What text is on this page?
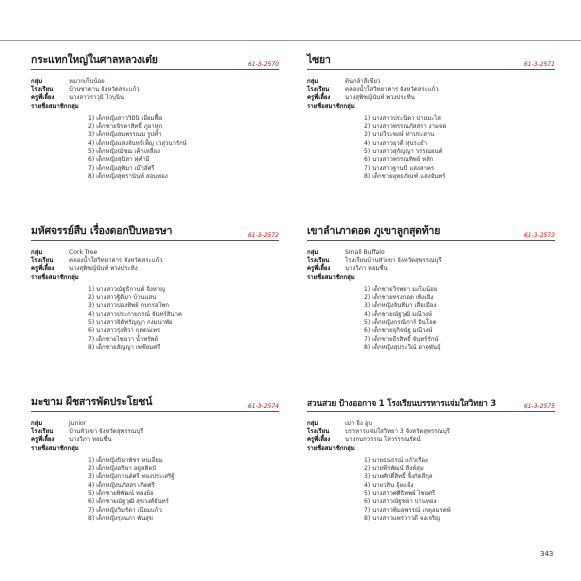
กระแทกใหญ่ในศาลหลวงเต๋ย	61-3-2570
กลุ่ม	หมากเก็บน้อย
โรงเรียน	บ้านซาดาน จังหวัดสระแก้ว
ครูพี่เลี้ยง	นางสาวราวุมิ ไวบุนิน
รายชื่อสมาชิกกลุ่ม
1) เด็กหญิงสาววิมินิ เอี่ยมฟื้อ
2) เด็กชายจิรตาสิทธิ์ ภูยาหุก
3) เด็กหญิงสมพรรณม รูปค้ำ
4) เด็กหญิงแสงจันทร์เพ็ญ เวสุวนารักษ์
5) เด็กหญิงณัชฌ เค้าเหลือง
6) เด็กหญิงสุนิสา ทุ่คำมี
7) เด็กหญิงสุพิมา เม๊าอัศรี
8) เด็กหญิงสุทรานันท์ สอนทอง
มหัศจรรย์สืบ เรื่องดอกปีบหอรษา	61-3-2572
กลุ่ม	Cork Tree
โรงเรียน	คลองน้ำใสวิทยาคาร จังหวัดสระแก้ว
ครูพี่เลี้ยง	นางสุพิชญ์นันท์ พวงประทิง
รายชื่อสมาชิกกลุ่ม
1) นางสาวณัฐธิกานต์ จิ่งหาญ
2) นางสาวฐิติมา บ้านแสน
3) นางสาวปองทิพย์ กบกรอไพก
4) นางสาวประกายกรณ์ จันทร์สินาค
5) นางสาวจิดัทรัญญา กงมนาพัย
6) นางสาวรุ่งทิวา กุลดนเทร
7) เด็กชายไชยวา น้ำทรัพย์
8) เด็กชายสัญญา เพชียมศรี
มะขาม ผืชสารพัดประโยชน์	61-3-2574
กลุ่ม	Junior
โรงเรียน	บ้านหัวเขา จังหวัดสุพรรณบุรี
ครูพี่เลี้ยง	นางวิภา หอมชื่น
รายชื่อสมาชิกกลุ่ม
1) เด็กหญิงปิยาพัชร หนเอี่ยม
2) เด็กหญิงอริษา อยู่สติดบั
3) เด็กหญิงกานต์ศรี ทองประเสริฐ์
4) เด็กหญิงนภัสสร เกิดศรี
5) เด็กชายพิพัฒน์ ทองย้อ
6) เด็กชายณัฐวุฒิ สุขวงศ์จันทร์
7) เด็กหญิงวิมรัตา เนียมแก้ว
8) เด็กหญิงรุ่งนภา พันสุข
ไซยา	61-3-2571
กลุ่ม	ต้นกล้าสีเขียว
โรงเรียน	คลองน้ำใสวิทยาคาร จังหวัดสระแก้ว
ครูพี่เลี้ยง	นางสุพิชญ์นันท์ พวงประทิน
รายชื่อสมาชิกกลุ่ม
1) นางสาวประนิดา ปายมะไส
2) นางสาวพรรณภัสสรา งามจด
3) นายวีระพงษ์ ท่าประสาน
4) นางสาวยุวดี หุ่นระยำ
5) นางสาวสุกัญญา วรรณยนต์
6) นางสาวพรรณทิพย์ หลัก
7) นางสาวฐานบิ แสงสาคร
8) เด็กชายอุทธภัณฑ์ แสงจันทร์
เขาลำเภาดอด ภูเขาลูกสุดท้าย	61-3-2573
กลุ่ม	Small Buffalo
โรงเรียน	โรงเรียนบ้านหัวเขา จังหวัดสุพรรณบุรี
ครูพี่เลี้ยง	นางวิภา หอมชื่น
รายชื่อสมาชิกกลุ่ม
1) เด็กชายวีรพยา มงโมน้อย
2) เด็กชายทรงกอด เพิงเอิง
3) เด็กหญิงจันทิมา เสือเมือง
4) เด็กชายณัฐวุฒิ มณีวงษ์
5) เด็กหญิงกรณิการ์ อินโจต
6) เด็กชายอุกิจนัฐ มณีวงษ์
7) เด็กชายธีรสิทธิ์ จันทร์รักษ์
8) เด็กหญิงสุประวีณ์ อาจพันธุ์
สวนสวย ป้างออกาจ 1 โรงเรียนบรรหารแจ่มใสวิทยา 3	61-3-2575
กลุ่ม	เม่า อิ่ง อูบ
โรงเรียน	บรรหารแจ่มใสวิทยา 3 จังหวัดสุพรรณบุรี
ครูพี่เลี้ยง	นางกนกวรรณ โสวรรรณรัตน์
รายชื่อสมาชิกกลุ่ม
1) นายธนธรณ์ แก้วเรือง
2) นายพีรพัฒน์ สิงห์สุม
3) นายศักดิ์สิทธิ์ จิ้งกัดสีกุล
4) นายวสิน จุ้ยแจ้ง
5) นางสาวศศิธิทพย์ ไชยศรี
6) นางสาวณัฐชยา ปานทอง
7) นางสาวพิมลพรรณ์ เกตุลมรคพ์
8) นางสาวแพรวาวดี จงเจริญ
343
